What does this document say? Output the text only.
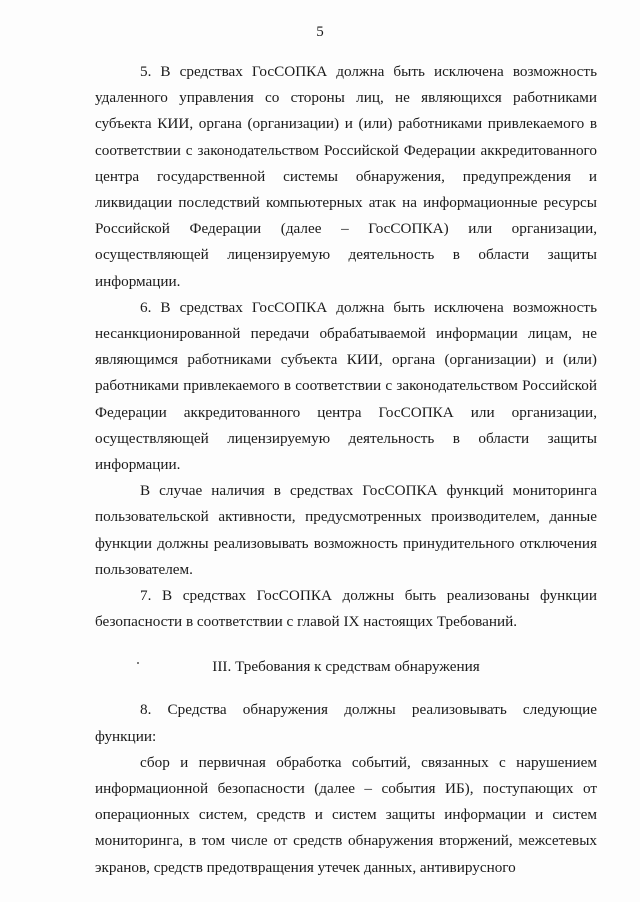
5

5. В средствах ГосСОПКА должна быть исключена возможность удаленного управления со стороны лиц, не являющихся работниками субъекта КИИ, органа (организации) и (или) работниками привлекаемого в соответствии с законодательством Российской Федерации аккредитованного центра государственной системы обнаружения, предупреждения и ликвидации последствий компьютерных атак на информационные ресурсы Российской Федерации (далее – ГосСОПКА) или организации, осуществляющей лицензируемую деятельность в области защиты информации.

6. В средствах ГосСОПКА должна быть исключена возможность несанкционированной передачи обрабатываемой информации лицам, не являющимся работниками субъекта КИИ, органа (организации) и (или) работниками привлекаемого в соответствии с законодательством Российской Федерации аккредитованного центра ГосСОПКА или организации, осуществляющей лицензируемую деятельность в области защиты информации.

В случае наличия в средствах ГосСОПКА функций мониторинга пользовательской активности, предусмотренных производителем, данные функции должны реализовывать возможность принудительного отключения пользователем.

7. В средствах ГосСОПКА должны быть реализованы функции безопасности в соответствии с главой IX настоящих Требований.

III. Требования к средствам обнаружения

8. Средства обнаружения должны реализовывать следующие функции:

сбор и первичная обработка событий, связанных с нарушением информационной безопасности (далее – события ИБ), поступающих от операционных систем, средств и систем защиты информации и систем мониторинга, в том числе от средств обнаружения вторжений, межсетевых экранов, средств предотвращения утечек данных, антивирусного
